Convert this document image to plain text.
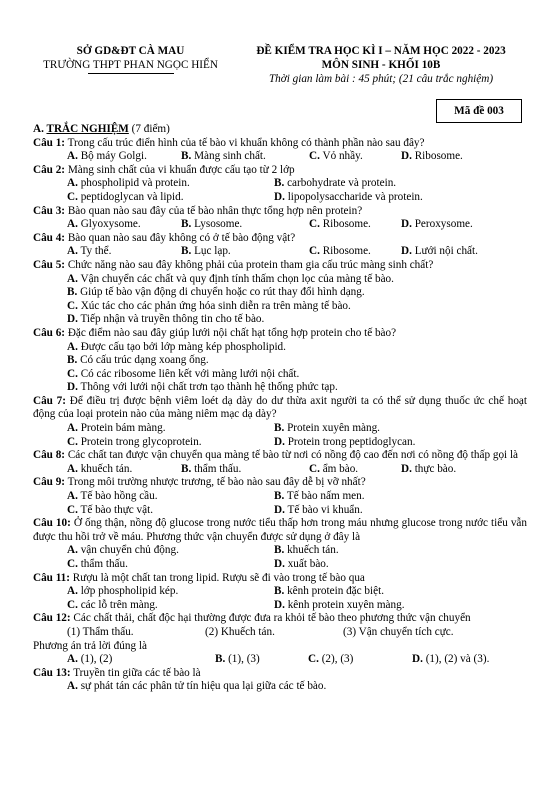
SỞ GD&ĐT CÀ MAU
TRƯỜNG THPT PHAN NGỌC HIỂN
ĐỀ KIỂM TRA HỌC KÌ I – NĂM HỌC 2022 - 2023
MÔN SINH - KHỐI 10B
Thời gian làm bài : 45 phút; (21 câu trắc nghiệm)
Mã đề 003
A. TRẮC NGHIỆM (7 điểm)
Câu 1: Trong cấu trúc điển hình của tế bào vi khuẩn không có thành phần nào sau đây?
A. Bộ máy Golgi.	B. Màng sinh chất.	C. Vỏ nhầy.	D. Ribosome.
Câu 2: Màng sinh chất của vi khuẩn được cấu tạo từ 2 lớp
A. phospholipid và protein.	B. carbohydrate và protein.
C. peptidoglycan và lipid.	D. lipopolysaccharide và protein.
Câu 3: Bào quan nào sau đây của tế bào nhân thực tổng hợp nên protein?
A. Glyoxysome.	B. Lysosome.	C. Ribosome.	D. Peroxysome.
Câu 4: Bào quan nào sau đây không có ở tế bào động vật?
A. Ty thể.	B. Lục lạp.	C. Ribosome.	D. Lưới nội chất.
Câu 5: Chức năng nào sau đây không phải của protein tham gia cấu trúc màng sinh chất?
A. Vận chuyển các chất và quy định tính thấm chọn lọc của màng tế bào.
B. Giúp tế bào vận động di chuyển hoặc co rút thay đổi hình dạng.
C. Xúc tác cho các phản ứng hóa sinh diễn ra trên màng tế bào.
D. Tiếp nhận và truyền thông tin cho tế bào.
Câu 6: Đặc điểm nào sau đây giúp lưới nội chất hạt tổng hợp protein cho tế bào?
A. Được cấu tạo bởi lớp màng kép phospholipid.
B. Có cấu trúc dạng xoang ống.
C. Có các ribosome liên kết với màng lưới nội chất.
D. Thông với lưới nội chất trơn tạo thành hệ thống phức tạp.
Câu 7: Để điều trị được bệnh viêm loét dạ dày do dư thừa axit người ta có thể sử dụng thuốc ức chế hoạt động của loại protein nào của màng niêm mạc dạ dày?
A. Protein bám màng.	B. Protein xuyên màng.
C. Protein trong glycoprotein.	D. Protein trong peptidoglycan.
Câu 8: Các chất tan được vận chuyển qua màng tế bào từ nơi có nồng độ cao đến nơi có nồng độ thấp gọi là
A. khuếch tán.	B. thẩm thấu.	C. ẩm bào.	D. thực bào.
Câu 9: Trong môi trường nhược trương, tế bào nào sau đây dễ bị vỡ nhất?
A. Tế bào hồng cầu.	B. Tế bào nấm men.
C. Tế bào thực vật.	D. Tế bào vi khuẩn.
Câu 10: Ở ống thận, nồng độ glucose trong nước tiểu thấp hơn trong máu nhưng glucose trong nước tiểu vẫn được thu hồi trở về máu. Phương thức vận chuyển được sử dụng ở đây là
A. vận chuyển chủ động.	B. khuếch tán.
C. thẩm thấu.	D. xuất bào.
Câu 11: Rượu là một chất tan trong lipid. Rượu sẽ đi vào trong tế bào qua
A. lớp phospholipid kép.	B. kênh protein đặc biệt.
C. các lỗ trên màng.	D. kênh protein xuyên màng.
Câu 12: Các chất thải, chất độc hại thường được đưa ra khỏi tế bào theo phương thức vận chuyển
(1) Thẩm thấu.	(2) Khuếch tán.	(3) Vận chuyển tích cực.
Phương án trả lời đúng là
A. (1), (2)	B. (1), (3)	C. (2), (3)	D. (1), (2) và (3).
Câu 13: Truyền tin giữa các tế bào là
A. sự phát tán các phân tử tín hiệu qua lại giữa các tế bào.
